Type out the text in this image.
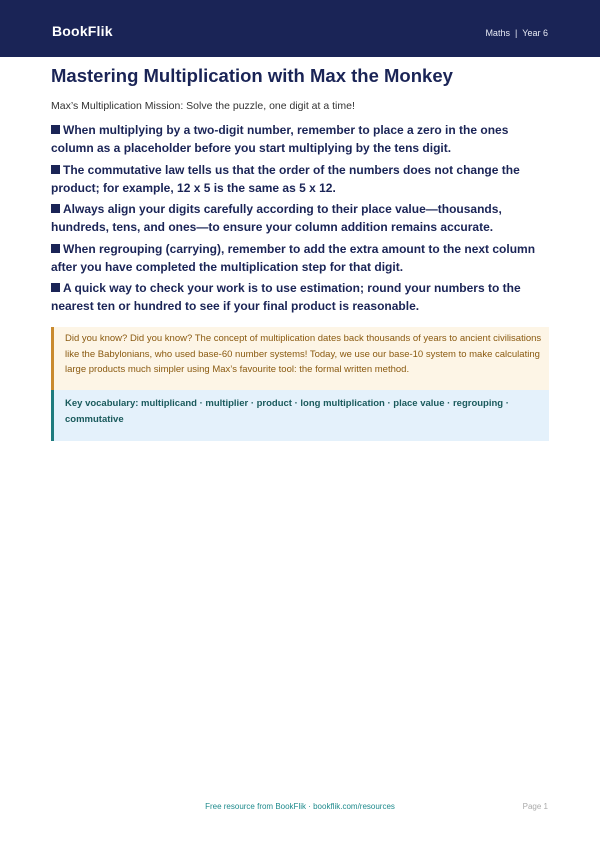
BookFlik	Maths | Year 6
Mastering Multiplication with Max the Monkey
Max’s Multiplication Mission: Solve the puzzle, one digit at a time!
When multiplying by a two-digit number, remember to place a zero in the ones column as a placeholder before you start multiplying by the tens digit.
The commutative law tells us that the order of the numbers does not change the product; for example, 12 x 5 is the same as 5 x 12.
Always align your digits carefully according to their place value—thousands, hundreds, tens, and ones—to ensure your column addition remains accurate.
When regrouping (carrying), remember to add the extra amount to the next column after you have completed the multiplication step for that digit.
A quick way to check your work is to use estimation; round your numbers to the nearest ten or hundred to see if your final product is reasonable.
Did you know? Did you know? The concept of multiplication dates back thousands of years to ancient civilisations like the Babylonians, who used base-60 number systems! Today, we use our base-10 system to make calculating large products much simpler using Max’s favourite tool: the formal written method.
Key vocabulary: multiplicand · multiplier · product · long multiplication · place value · regrouping · commutative
Free resource from BookFlik · bookflik.com/resources	Page 1
